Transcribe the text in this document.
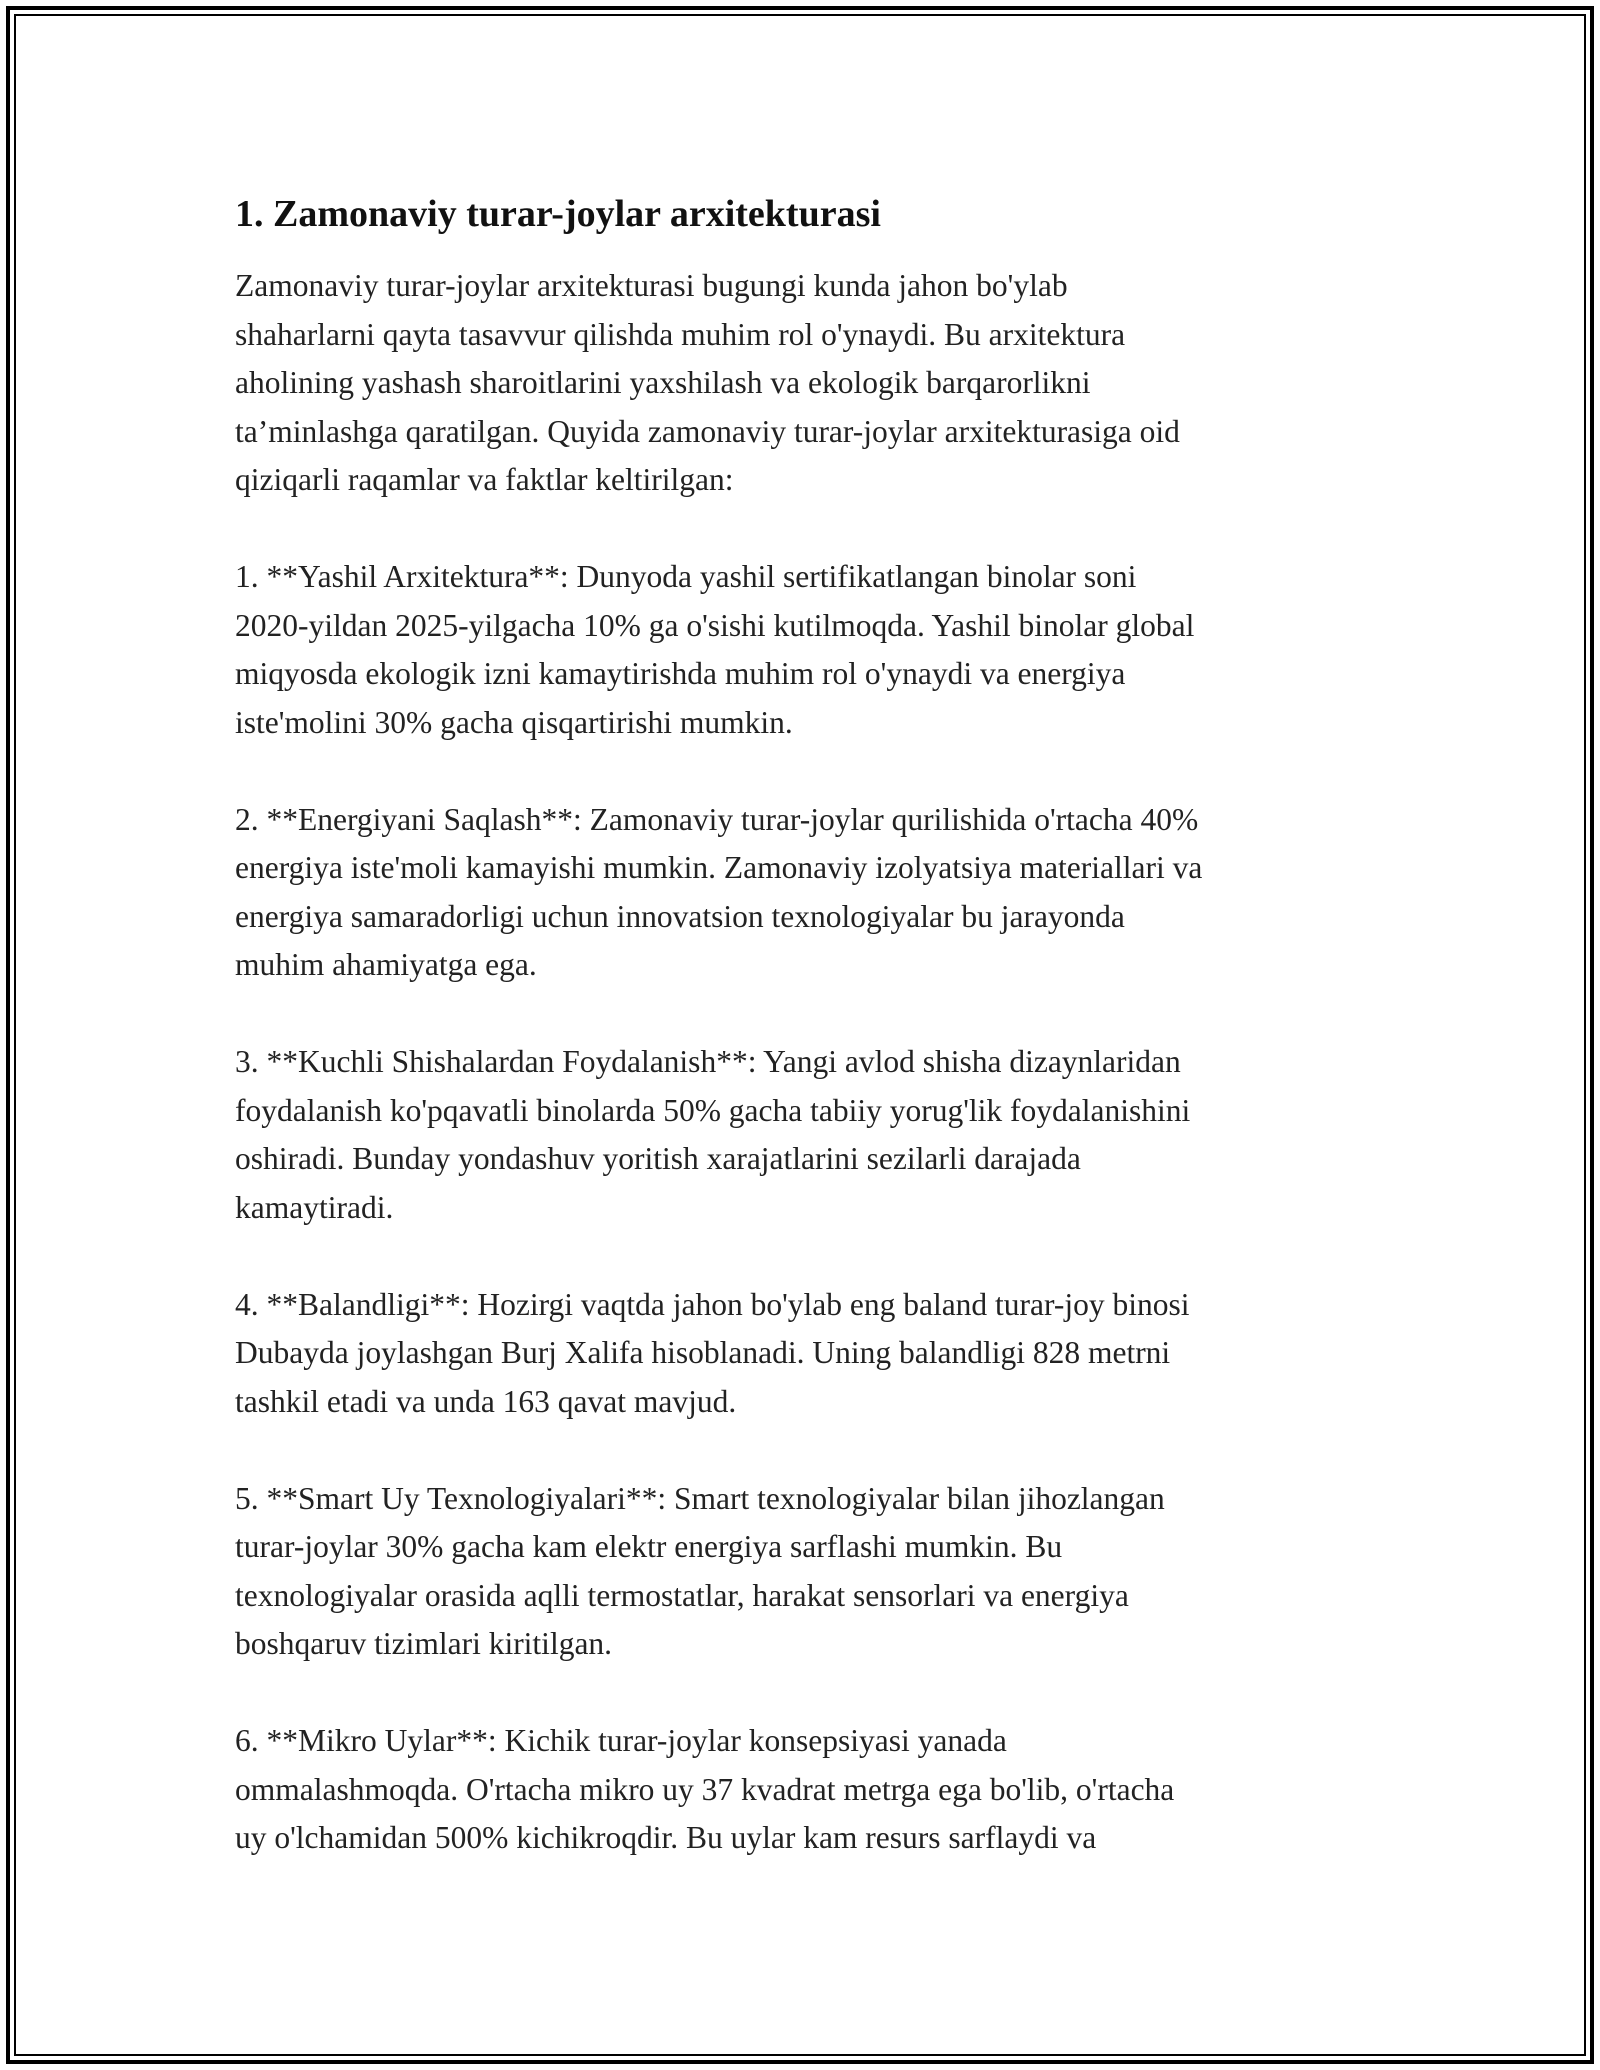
1. Zamonaviy turar-joylar arxitekturasi

Zamonaviy turar-joylar arxitekturasi bugungi kunda jahon bo'ylab
shaharlarni qayta tasavvur qilishda muhim rol o'ynaydi. Bu arxitektura
aholining yashash sharoitlarini yaxshilash va ekologik barqarorlikni
ta’minlashga qaratilgan. Quyida zamonaviy turar-joylar arxitekturasiga oid
qiziqarli raqamlar va faktlar keltirilgan:

1. **Yashil Arxitektura**: Dunyoda yashil sertifikatlangan binolar soni
2020-yildan 2025-yilgacha 10% ga o'sishi kutilmoqda. Yashil binolar global
miqyosda ekologik izni kamaytirishda muhim rol o'ynaydi va energiya
iste'molini 30% gacha qisqartirishi mumkin.

2. **Energiyani Saqlash**: Zamonaviy turar-joylar qurilishida o'rtacha 40%
energiya iste'moli kamayishi mumkin. Zamonaviy izolyatsiya materiallari va
energiya samaradorligi uchun innovatsion texnologiyalar bu jarayonda
muhim ahamiyatga ega.

3. **Kuchli Shishalardan Foydalanish**: Yangi avlod shisha dizaynlaridan
foydalanish ko'pqavatli binolarda 50% gacha tabiiy yorug'lik foydalanishini
oshiradi. Bunday yondashuv yoritish xarajatlarini sezilarli darajada
kamaytiradi.

4. **Balandligi**: Hozirgi vaqtda jahon bo'ylab eng baland turar-joy binosi
Dubayda joylashgan Burj Xalifa hisoblanadi. Uning balandligi 828 metrni
tashkil etadi va unda 163 qavat mavjud.

5. **Smart Uy Texnologiyalari**: Smart texnologiyalar bilan jihozlangan
turar-joylar 30% gacha kam elektr energiya sarflashi mumkin. Bu
texnologiyalar orasida aqlli termostatlar, harakat sensorlari va energiya
boshqaruv tizimlari kiritilgan.

6. **Mikro Uylar**: Kichik turar-joylar konsepsiyasi yanada
ommalashmoqda. O'rtacha mikro uy 37 kvadrat metrga ega bo'lib, o'rtacha
uy o'lchamidan 500% kichikroqdir. Bu uylar kam resurs sarflaydi va
